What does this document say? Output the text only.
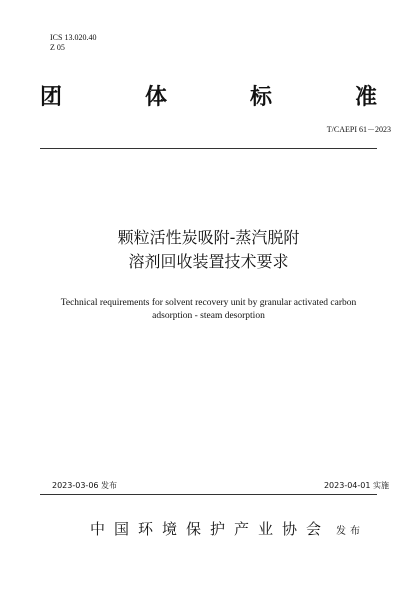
ICS 13.020.40
Z 05
团	体	标	准
T/CAEPI 61－2023
颗粒活性炭吸附-蒸汽脱附
溶剂回收装置技术要求
Technical requirements for solvent recovery unit by granular activated carbon
adsorption - steam desorption
2023-03-06 发布	2023-04-01 实施
中国环境保护产业协会 发布
